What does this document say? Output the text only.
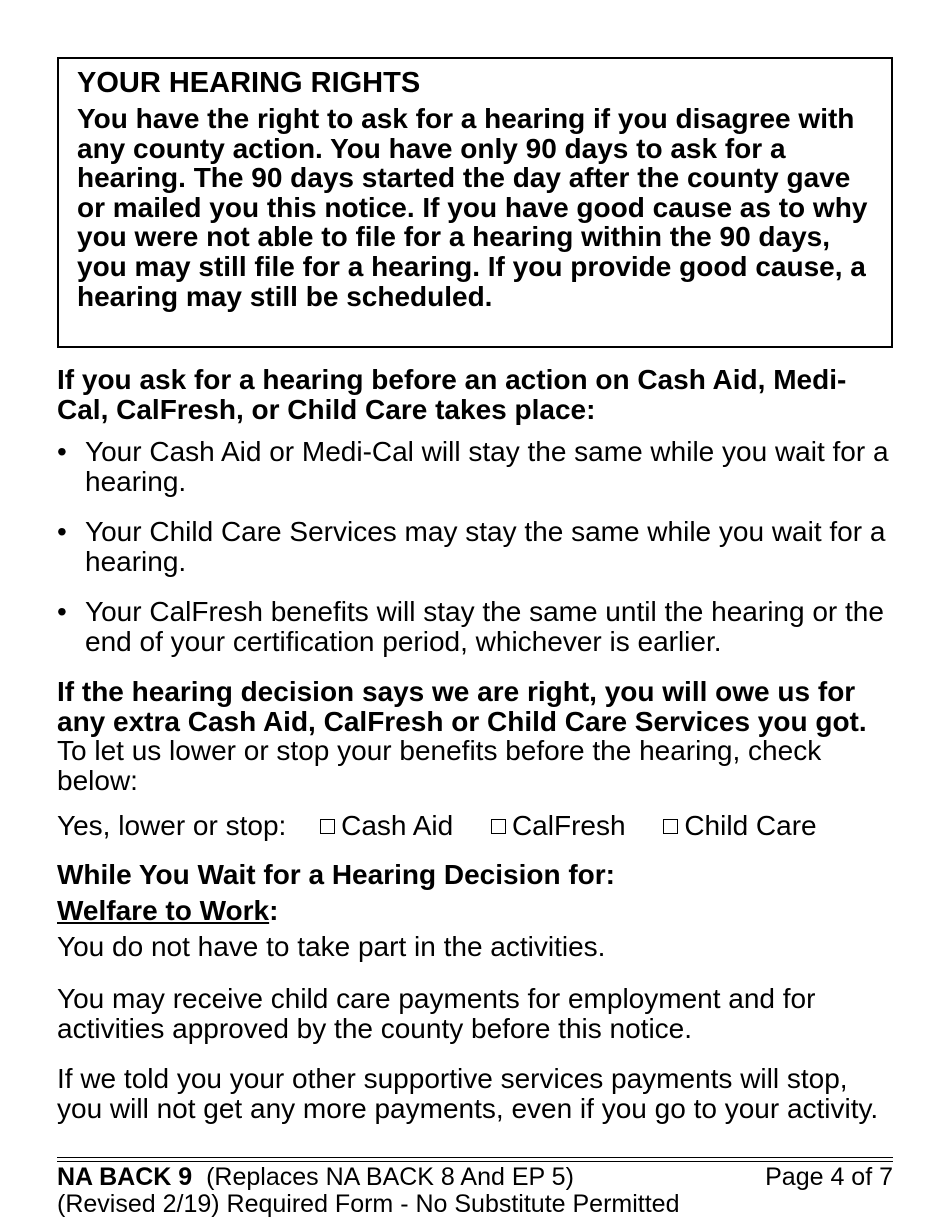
YOUR HEARING RIGHTS

You have the right to ask for a hearing if you disagree with any county action. You have only 90 days to ask for a hearing. The 90 days started the day after the county gave or mailed you this notice. If you have good cause as to why you were not able to file for a hearing within the 90 days, you may still file for a hearing. If you provide good cause, a hearing may still be scheduled.

If you ask for a hearing before an action on Cash Aid, Medi-Cal, CalFresh, or Child Care takes place:

• Your Cash Aid or Medi-Cal will stay the same while you wait for a hearing.
• Your Child Care Services may stay the same while you wait for a hearing.
• Your CalFresh benefits will stay the same until the hearing or the end of your certification period, whichever is earlier.

If the hearing decision says we are right, you will owe us for any extra Cash Aid, CalFresh or Child Care Services you got.  To let us lower or stop your benefits before the hearing, check below:

Yes, lower or stop: Cash Aid CalFresh Child Care

While You Wait for a Hearing Decision for:

Welfare to Work:

You do not have to take part in the activities.

You may receive child care payments for employment and for activities approved by the county before this notice.

If we told you your other supportive services payments will stop, you will not get any more payments, even if you go to your activity.

NA BACK 9 (Replaces NA BACK 8 And EP 5)	Page 4 of 7
(Revised 2/19) Required Form - No Substitute Permitted
